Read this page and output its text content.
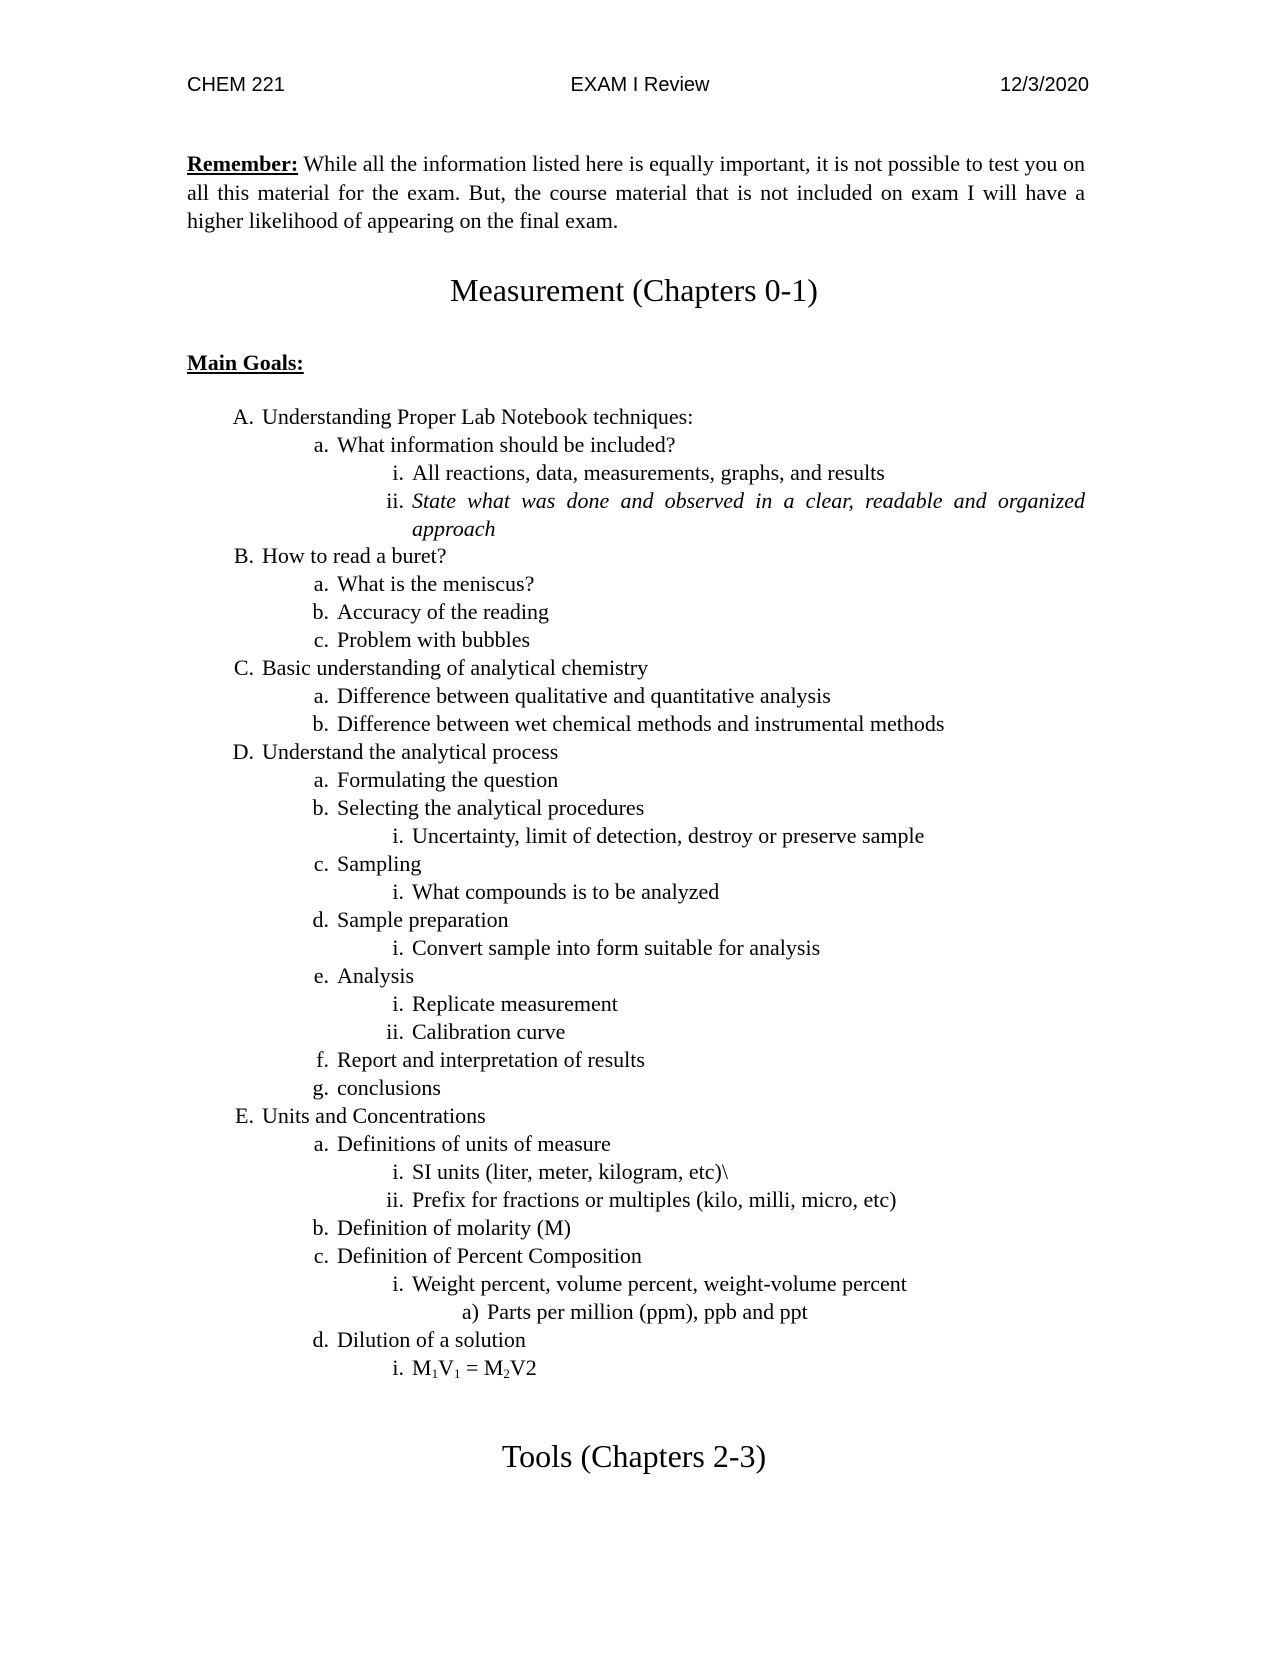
CHEM 221	EXAM I Review	12/3/2020
Remember: While all the information listed here is equally important, it is not possible to test you on all this material for the exam. But, the course material that is not included on exam I will have a higher likelihood of appearing on the final exam.
Measurement (Chapters 0-1)
Main Goals:
A. Understanding Proper Lab Notebook techniques:
a. What information should be included?
i. All reactions, data, measurements, graphs, and results
ii. State what was done and observed in a clear, readable and organized approach
B. How to read a buret?
a. What is the meniscus?
b. Accuracy of the reading
c. Problem with bubbles
C. Basic understanding of analytical chemistry
a. Difference between qualitative and quantitative analysis
b. Difference between wet chemical methods and instrumental methods
D. Understand the analytical process
a. Formulating the question
b. Selecting the analytical procedures
i. Uncertainty, limit of detection, destroy or preserve sample
c. Sampling
i. What compounds is to be analyzed
d. Sample preparation
i. Convert sample into form suitable for analysis
e. Analysis
i. Replicate measurement
ii. Calibration curve
f. Report and interpretation of results
g. conclusions
E. Units and Concentrations
a. Definitions of units of measure
i. SI units (liter, meter, kilogram, etc)\
ii. Prefix for fractions or multiples (kilo, milli, micro, etc)
b. Definition of molarity (M)
c. Definition of Percent Composition
i. Weight percent, volume percent, weight-volume percent
a) Parts per million (ppm), ppb and ppt
d. Dilution of a solution
i. $M_1V_1 = M_2V2$
Tools (Chapters 2-3)
